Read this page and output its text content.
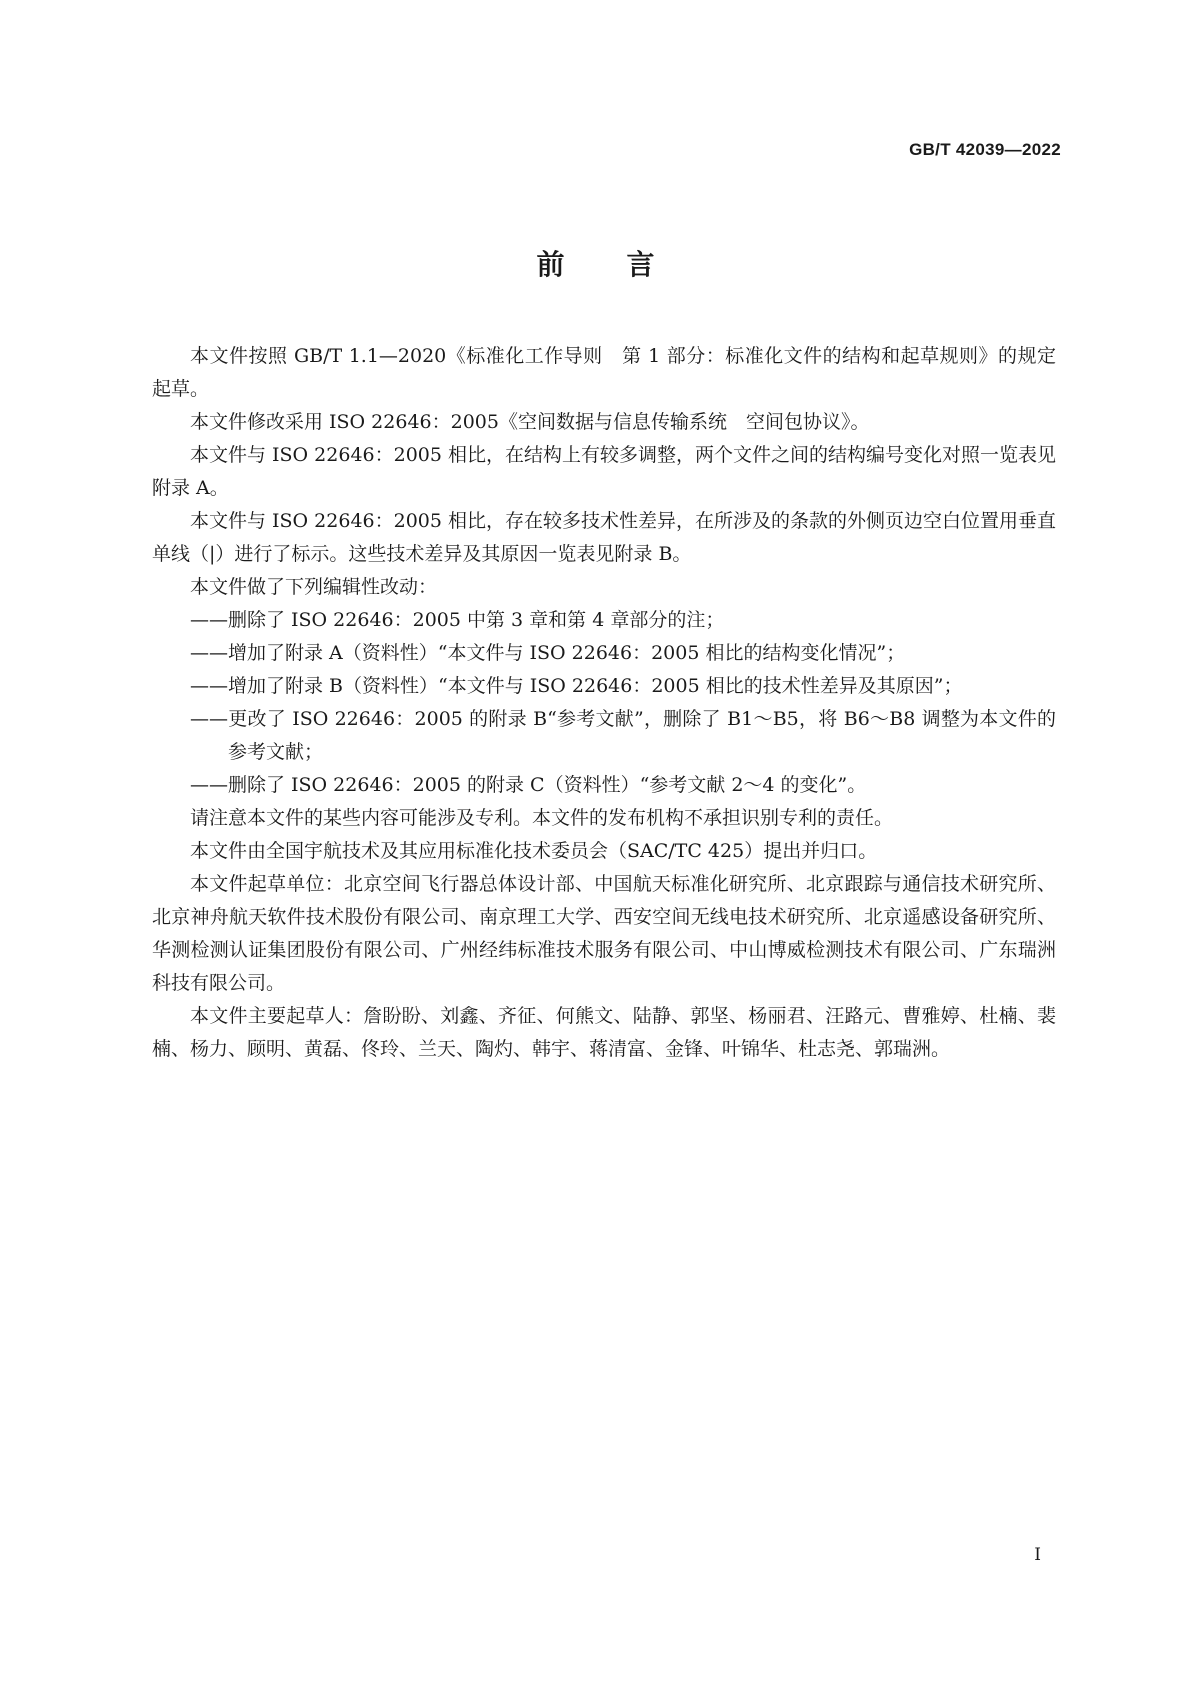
GB/T 42039—2022
前言

本文件按照 GB/T 1.1—2020《标准化工作导则　第 1 部分：标准化文件的结构和起草规则》的规定起草。

本文件修改采用 ISO 22646：2005《空间数据与信息传输系统　空间包协议》。

本文件与 ISO 22646：2005 相比，在结构上有较多调整，两个文件之间的结构编号变化对照一览表见附录 A。

本文件与 ISO 22646：2005 相比，存在较多技术性差异，在所涉及的条款的外侧页边空白位置用垂直单线（|）进行了标示。这些技术差异及其原因一览表见附录 B。

本文件做了下列编辑性改动：

——删除了 ISO 22646：2005 中第 3 章和第 4 章部分的注；

——增加了附录 A（资料性）“本文件与 ISO 22646：2005 相比的结构变化情况”；

——增加了附录 B（资料性）“本文件与 ISO 22646：2005 相比的技术性差异及其原因”；

——更改了 ISO 22646：2005 的附录 B“参考文献”，删除了 B1～B5，将 B6～B8 调整为本文件的参考文献；

——删除了 ISO 22646：2005 的附录 C（资料性）“参考文献 2～4 的变化”。

请注意本文件的某些内容可能涉及专利。本文件的发布机构不承担识别专利的责任。

本文件由全国宇航技术及其应用标准化技术委员会（SAC/TC 425）提出并归口。

本文件起草单位：北京空间飞行器总体设计部、中国航天标准化研究所、北京跟踪与通信技术研究所、北京神舟航天软件技术股份有限公司、南京理工大学、西安空间无线电技术研究所、北京遥感设备研究所、华测检测认证集团股份有限公司、广州经纬标准技术服务有限公司、中山博威检测技术有限公司、广东瑞洲科技有限公司。

本文件主要起草人：詹盼盼、刘鑫、齐征、何熊文、陆静、郭坚、杨丽君、汪路元、曹雅婷、杜楠、裴楠、杨力、顾明、黄磊、佟玲、兰天、陶灼、韩宇、蒋清富、金锋、叶锦华、杜志尧、郭瑞洲。

I
